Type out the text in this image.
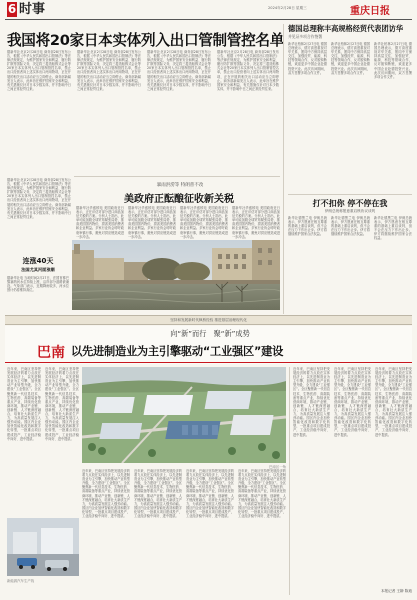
6 时事	2024年2月28日 星期三	重庆日报
我国将20家日本实体列入出口管制管控名单
据新华社北京2月28日电 商务部28日发布公告，根据《中华人民共和国出口管制法》等法律法规规定，为维护国家安全和利益、履行防扩散等国际义务，决定将三菱造船株式会社等20家日本实体列入出口管制管控名单，禁止出口经营者向上述实体出口两用物项，正在开展的相关出口活动应当立即停止。商务部新闻发言人表示，此举旨在维护国家安全和利益，有关措施仅针对日本少数实体，并不影响中日之间正常经贸往来。
据新华社北京2月28日电 商务部28日发布公告，根据《中华人民共和国出口管制法》等法律法规规定，为维护国家安全和利益、履行防扩散等国际义务，决定将三菱造船株式会社等20家日本实体列入出口管制管控名单，禁止出口经营者向上述实体出口两用物项，正在开展的相关出口活动应当立即停止。商务部新闻发言人表示，此举旨在维护国家安全和利益，有关措施仅针对日本少数实体，并不影响中日之间正常经贸往来。
据新华社北京2月28日电 商务部28日发布公告，根据《中华人民共和国出口管制法》等法律法规规定，为维护国家安全和利益、履行防扩散等国际义务，决定将三菱造船株式会社等20家日本实体列入出口管制管控名单，禁止出口经营者向上述实体出口两用物项，正在开展的相关出口活动应当立即停止。商务部新闻发言人表示，此举旨在维护国家安全和利益，有关措施仅针对日本少数实体，并不影响中日之间正常经贸往来。
据新华社北京2月28日电 商务部28日发布公告，根据《中华人民共和国出口管制法》等法律法规规定，为维护国家安全和利益、履行防扩散等国际义务，决定将三菱造船株式会社等20家日本实体列入出口管制管控名单，禁止出口经营者向上述实体出口两用物项，正在开展的相关出口活动应当立即停止。商务部新闻发言人表示，此举旨在维护国家安全和利益，有关措施仅针对日本少数实体，并不影响中日之间正常经贸往来。
德国总理称丰高规格经贸代表团访华
并见证多项合作签署
新华社柏林2月27日电 德国总理表示，德方高度重视对华关系，愿同中方保持高层交往，加强经贸、能源、科技等领域合作，反对脱钩断链，欢迎更多中国企业赴德投资兴业。此次访问期间，双方签署多项合作文件。
新华社柏林2月27日电 德国总理表示，德方高度重视对华关系，愿同中方保持高层交往，加强经贸、能源、科技等领域合作，反对脱钩断链，欢迎更多中国企业赴德投资兴业。此次访问期间，双方签署多项合作文件。
新华社柏林2月27日电 德国总理表示，德方高度重视对华关系，愿同中方保持高层交往，加强经贸、能源、科技等领域合作，反对脱钩断链，欢迎更多中国企业赴德投资兴业。此次访问期间，双方签署多项合作文件。
暴雨洪涝等 特朗普不改
美政府正酝酿征收新关税
据新华社华盛顿电 美国政府近日表示，正在评估对部分进口商品加征关税的方案。分析人士指出，此举可能加剧全球贸易紧张局势，推高美国国内物价，损害美国消费者和企业利益。多家行业协会呼吁政府审慎行事，避免对供应链造成进一步冲击。
据新华社华盛顿电 美国政府近日表示，正在评估对部分进口商品加征关税的方案。分析人士指出，此举可能加剧全球贸易紧张局势，推高美国国内物价，损害美国消费者和企业利益。多家行业协会呼吁政府审慎行事，避免对供应链造成进一步冲击。
据新华社华盛顿电 美国政府近日表示，正在评估对部分进口商品加征关税的方案。分析人士指出，此举可能加剧全球贸易紧张局势，推高美国国内物价，损害美国消费者和企业利益。多家行业协会呼吁政府审慎行事，避免对供应链造成进一步冲击。
据新华社华盛顿电 美国政府近日表示，正在评估对部分进口商品加征关税的方案。分析人士指出，此举可能加剧全球贸易紧张局势，推高美国国内物价，损害美国消费者和企业利益。多家行业协会呼吁政府审慎行事，避免对供应链造成进一步冲击。
据新华社北京2月28日电 商务部28日发布公告，根据《中华人民共和国出口管制法》等法律法规规定，为维护国家安全和利益、履行防扩散等国际义务，决定将三菱造船株式会社等20家日本实体列入出口管制管控名单，禁止出口经营者向上述实体出口两用物项，正在开展的相关出口活动应当立即停止。商务部新闻发言人表示，此举旨在维护国家安全和利益，有关措施仅针对日本少数实体，并不影响中日之间正常经贸往来。
连涨40天
法国尤其河面涨潮
据新华社电 当地时间2月27日，法国首都巴黎塞纳河水位持续上涨，沿岸部分道路被淹没。气象部门表示，近期降雨较多，河水位预计仍将维持高位。
打不扣你 停不停在我
伊朗总统称愿意重启核协议谈判
新华社德黑兰电 伊朗总统表示，伊方愿意在相互尊重的基础上重启谈判，但不会在压力下作出让步。伊方将继续维护国家合法权益。
新华社德黑兰电 伊朗总统表示，伊方愿意在相互尊重的基础上重启谈判，但不会在压力下作出让步。伊方将继续维护国家合法权益。
新华社德黑兰电 伊朗总统表示，伊方愿意在相互尊重的基础上重启谈判，但不会在压力下作出让步。伊方将继续维护国家合法权益。
坚持和发展新时代枫桥经验 推进基层治理现代化
向“新”而行　聚“新”成势
巴南 以先进制造业为主引擎驱动“工业强区”建设
近年来，巴南区坚持把发展经济的着力点放在实体经济上，以先进制造业为主引擎，加快推动产业转型升级，全力建设“工业强区”。全区聚焦新一代信息技术、生物医药、高端装备等重点产业，持续优化营商环境，推动产业链、创新链、人才链深度融合，培育壮大新质生产力，为高质量发展注入强劲动能。园区内企业加快智能化改造和数字化转型，一批重点项目建成投产，工业经济稳中向好、进中提质。
近年来，巴南区坚持把发展经济的着力点放在实体经济上，以先进制造业为主引擎，加快推动产业转型升级，全力建设“工业强区”。全区聚焦新一代信息技术、生物医药、高端装备等重点产业，持续优化营商环境，推动产业链、创新链、人才链深度融合，培育壮大新质生产力，为高质量发展注入强劲动能。园区内企业加快智能化改造和数字化转型，一批重点项目建成投产，工业经济稳中向好、进中提质。
巴南区一角
近年来，巴南区坚持把发展经济的着力点放在实体经济上，以先进制造业为主引擎，加快推动产业转型升级，全力建设“工业强区”。全区聚焦新一代信息技术、生物医药、高端装备等重点产业，持续优化营商环境，推动产业链、创新链、人才链深度融合，培育壮大新质生产力，为高质量发展注入强劲动能。园区内企业加快智能化改造和数字化转型，一批重点项目建成投产，工业经济稳中向好、进中提质。
近年来，巴南区坚持把发展经济的着力点放在实体经济上，以先进制造业为主引擎，加快推动产业转型升级，全力建设“工业强区”。全区聚焦新一代信息技术、生物医药、高端装备等重点产业，持续优化营商环境，推动产业链、创新链、人才链深度融合，培育壮大新质生产力，为高质量发展注入强劲动能。园区内企业加快智能化改造和数字化转型，一批重点项目建成投产，工业经济稳中向好、进中提质。
近年来，巴南区坚持把发展经济的着力点放在实体经济上，以先进制造业为主引擎，加快推动产业转型升级，全力建设“工业强区”。全区聚焦新一代信息技术、生物医药、高端装备等重点产业，持续优化营商环境，推动产业链、创新链、人才链深度融合，培育壮大新质生产力，为高质量发展注入强劲动能。园区内企业加快智能化改造和数字化转型，一批重点项目建成投产，工业经济稳中向好、进中提质。
近年来，巴南区坚持把发展经济的着力点放在实体经济上，以先进制造业为主引擎，加快推动产业转型升级，全力建设“工业强区”。全区聚焦新一代信息技术、生物医药、高端装备等重点产业，持续优化营商环境，推动产业链、创新链、人才链深度融合，培育壮大新质生产力，为高质量发展注入强劲动能。园区内企业加快智能化改造和数字化转型，一批重点项目建成投产，工业经济稳中向好、进中提质。
新能源汽车生产线
近年来，巴南区坚持把发展经济的着力点放在实体经济上，以先进制造业为主引擎，加快推动产业转型升级，全力建设“工业强区”。全区聚焦新一代信息技术、生物医药、高端装备等重点产业，持续优化营商环境，推动产业链、创新链、人才链深度融合，培育壮大新质生产力，为高质量发展注入强劲动能。园区内企业加快智能化改造和数字化转型，一批重点项目建成投产，工业经济稳中向好、进中提质。
近年来，巴南区坚持把发展经济的着力点放在实体经济上，以先进制造业为主引擎，加快推动产业转型升级，全力建设“工业强区”。全区聚焦新一代信息技术、生物医药、高端装备等重点产业，持续优化营商环境，推动产业链、创新链、人才链深度融合，培育壮大新质生产力，为高质量发展注入强劲动能。园区内企业加快智能化改造和数字化转型，一批重点项目建成投产，工业经济稳中向好、进中提质。
近年来，巴南区坚持把发展经济的着力点放在实体经济上，以先进制造业为主引擎，加快推动产业转型升级，全力建设“工业强区”。全区聚焦新一代信息技术、生物医药、高端装备等重点产业，持续优化营商环境，推动产业链、创新链、人才链深度融合，培育壮大新质生产力，为高质量发展注入强劲动能。园区内企业加快智能化改造和数字化转型，一批重点项目建成投产，工业经济稳中向好、进中提质。
本报记者 王翀 陈迪
